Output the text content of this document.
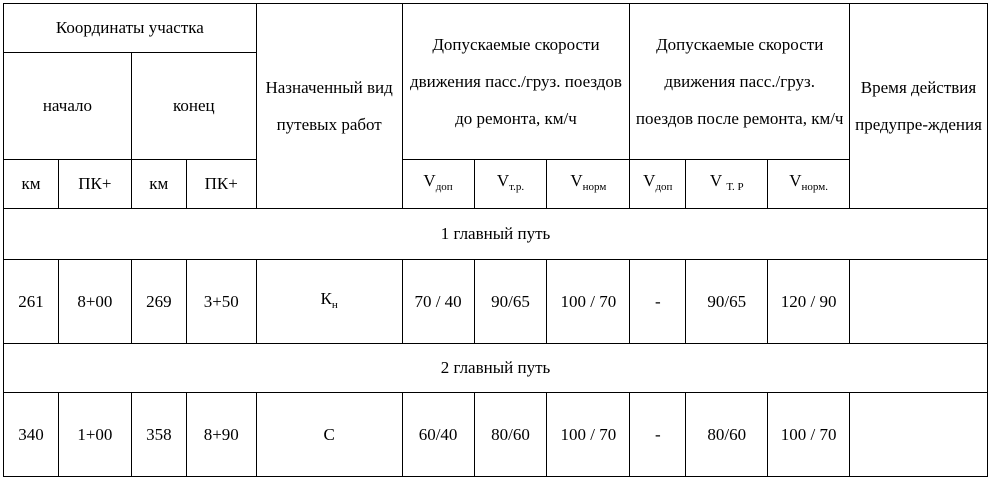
Координаты участка				Назначенный вид путевых работ	Допускаемые скорости движения пасс./груз. поездов до ремонта, км/ч			Допускаемые скорости движения пасс./груз. поездов после ремонта, км/ч			Время действия предупре-ждения
начало		конец									
км	ПК+	км	ПК+		$V_{доп}$	$V_{т.р.}$	$V_{норм}$	$V_{доп}$	V $_{Т. Р}$	$V_{норм.}$
1 главный путь											
261	8+00	269	3+50	$К_н$	70 / 40	90/65	100 / 70	-	90/65	120 / 90	
2 главный путь											
340	1+00	358	8+90	С	60/40	80/60	100 / 70	-	80/60	100 / 70	
